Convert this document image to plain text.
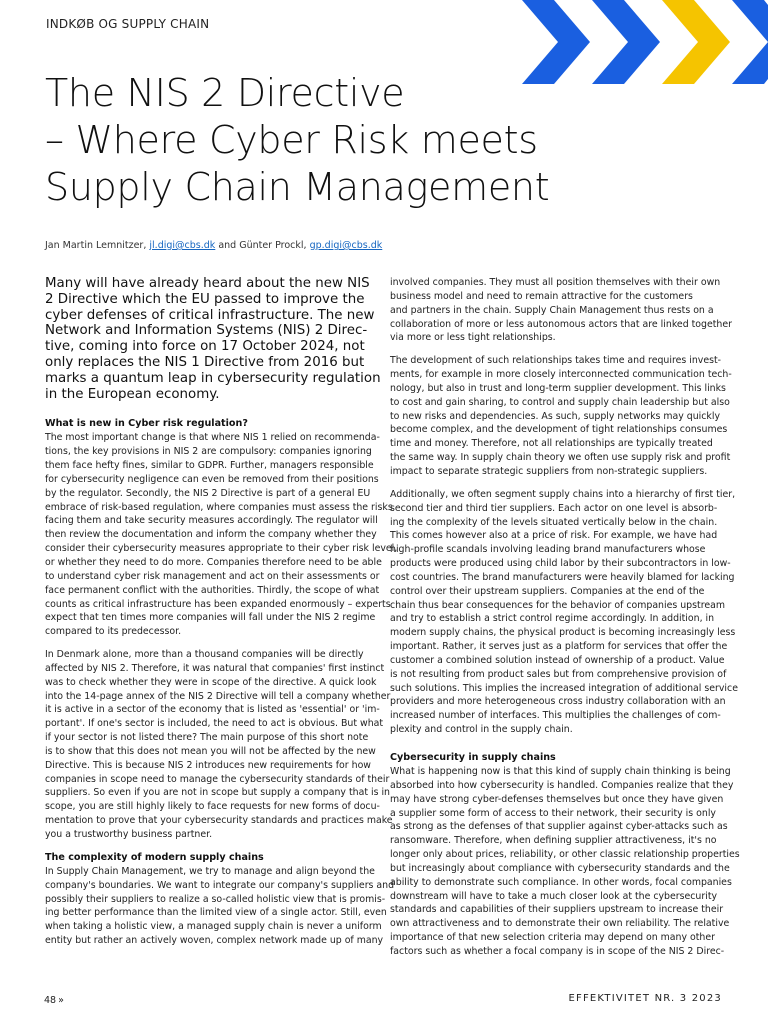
INDKØB OG SUPPLY CHAIN
The NIS 2 Directive
– Where Cyber Risk meets
Supply Chain Management
Jan Martin Lemnitzer, jl.digi@cbs.dk and Günter Prockl, gp.digi@cbs.dk
Many will have already heard about the new NIS
2 Directive which the EU passed to improve the
cyber defenses of critical infrastructure. The new
Network and Information Systems (NIS) 2 Direc-
tive, coming into force on 17 October 2024, not
only replaces the NIS 1 Directive from 2016 but
marks a quantum leap in cybersecurity regulation
in the European economy.
What is new in Cyber risk regulation?
The most important change is that where NIS 1 relied on recommenda-
tions, the key provisions in NIS 2 are compulsory: companies ignoring
them face hefty fines, similar to GDPR. Further, managers responsible
for cybersecurity negligence can even be removed from their positions
by the regulator. Secondly, the NIS 2 Directive is part of a general EU
embrace of risk-based regulation, where companies must assess the risks
facing them and take security measures accordingly. The regulator will
then review the documentation and inform the company whether they
consider their cybersecurity measures appropriate to their cyber risk level,
or whether they need to do more. Companies therefore need to be able
to understand cyber risk management and act on their assessments or
face permanent conflict with the authorities. Thirdly, the scope of what
counts as critical infrastructure has been expanded enormously – experts
expect that ten times more companies will fall under the NIS 2 regime
compared to its predecessor.
In Denmark alone, more than a thousand companies will be directly
affected by NIS 2. Therefore, it was natural that companies' first instinct
was to check whether they were in scope of the directive. A quick look
into the 14-page annex of the NIS 2 Directive will tell a company whether
it is active in a sector of the economy that is listed as 'essential' or 'im-
portant'. If one's sector is included, the need to act is obvious. But what
if your sector is not listed there? The main purpose of this short note
is to show that this does not mean you will not be affected by the new
Directive. This is because NIS 2 introduces new requirements for how
companies in scope need to manage the cybersecurity standards of their
suppliers. So even if you are not in scope but supply a company that is in
scope, you are still highly likely to face requests for new forms of docu-
mentation to prove that your cybersecurity standards and practices make
you a trustworthy business partner.
The complexity of modern supply chains
In Supply Chain Management, we try to manage and align beyond the
company's boundaries. We want to integrate our company's suppliers and
possibly their suppliers to realize a so-called holistic view that is promis-
ing better performance than the limited view of a single actor. Still, even
when taking a holistic view, a managed supply chain is never a uniform
entity but rather an actively woven, complex network made up of many
involved companies. They must all position themselves with their own
business model and need to remain attractive for the customers
and partners in the chain. Supply Chain Management thus rests on a
collaboration of more or less autonomous actors that are linked together
via more or less tight relationships.
The development of such relationships takes time and requires invest-
ments, for example in more closely interconnected communication tech-
nology, but also in trust and long-term supplier development. This links
to cost and gain sharing, to control and supply chain leadership but also
to new risks and dependencies. As such, supply networks may quickly
become complex, and the development of tight relationships consumes
time and money. Therefore, not all relationships are typically treated
the same way. In supply chain theory we often use supply risk and profit
impact to separate strategic suppliers from non-strategic suppliers.
Additionally, we often segment supply chains into a hierarchy of first tier,
second tier and third tier suppliers. Each actor on one level is absorb-
ing the complexity of the levels situated vertically below in the chain.
This comes however also at a price of risk. For example, we have had
high-profile scandals involving leading brand manufacturers whose
products were produced using child labor by their subcontractors in low-
cost countries. The brand manufacturers were heavily blamed for lacking
control over their upstream suppliers. Companies at the end of the
chain thus bear consequences for the behavior of companies upstream
and try to establish a strict control regime accordingly. In addition, in
modern supply chains, the physical product is becoming increasingly less
important. Rather, it serves just as a platform for services that offer the
customer a combined solution instead of ownership of a product. Value
is not resulting from product sales but from comprehensive provision of
such solutions. This implies the increased integration of additional service
providers and more heterogeneous cross industry collaboration with an
increased number of interfaces. This multiplies the challenges of com-
plexity and control in the supply chain.
Cybersecurity in supply chains
What is happening now is that this kind of supply chain thinking is being
absorbed into how cybersecurity is handled. Companies realize that they
may have strong cyber-defenses themselves but once they have given
a supplier some form of access to their network, their security is only
as strong as the defenses of that supplier against cyber-attacks such as
ransomware. Therefore, when defining supplier attractiveness, it's no
longer only about prices, reliability, or other classic relationship properties
but increasingly about compliance with cybersecurity standards and the
ability to demonstrate such compliance. In other words, focal companies
downstream will have to take a much closer look at the cybersecurity
standards and capabilities of their suppliers upstream to increase their
own attractiveness and to demonstrate their own reliability. The relative
importance of that new selection criteria may depend on many other
factors such as whether a focal company is in scope of the NIS 2 Direc-
48 »	EFFEKTIVITET NR. 3 2023
